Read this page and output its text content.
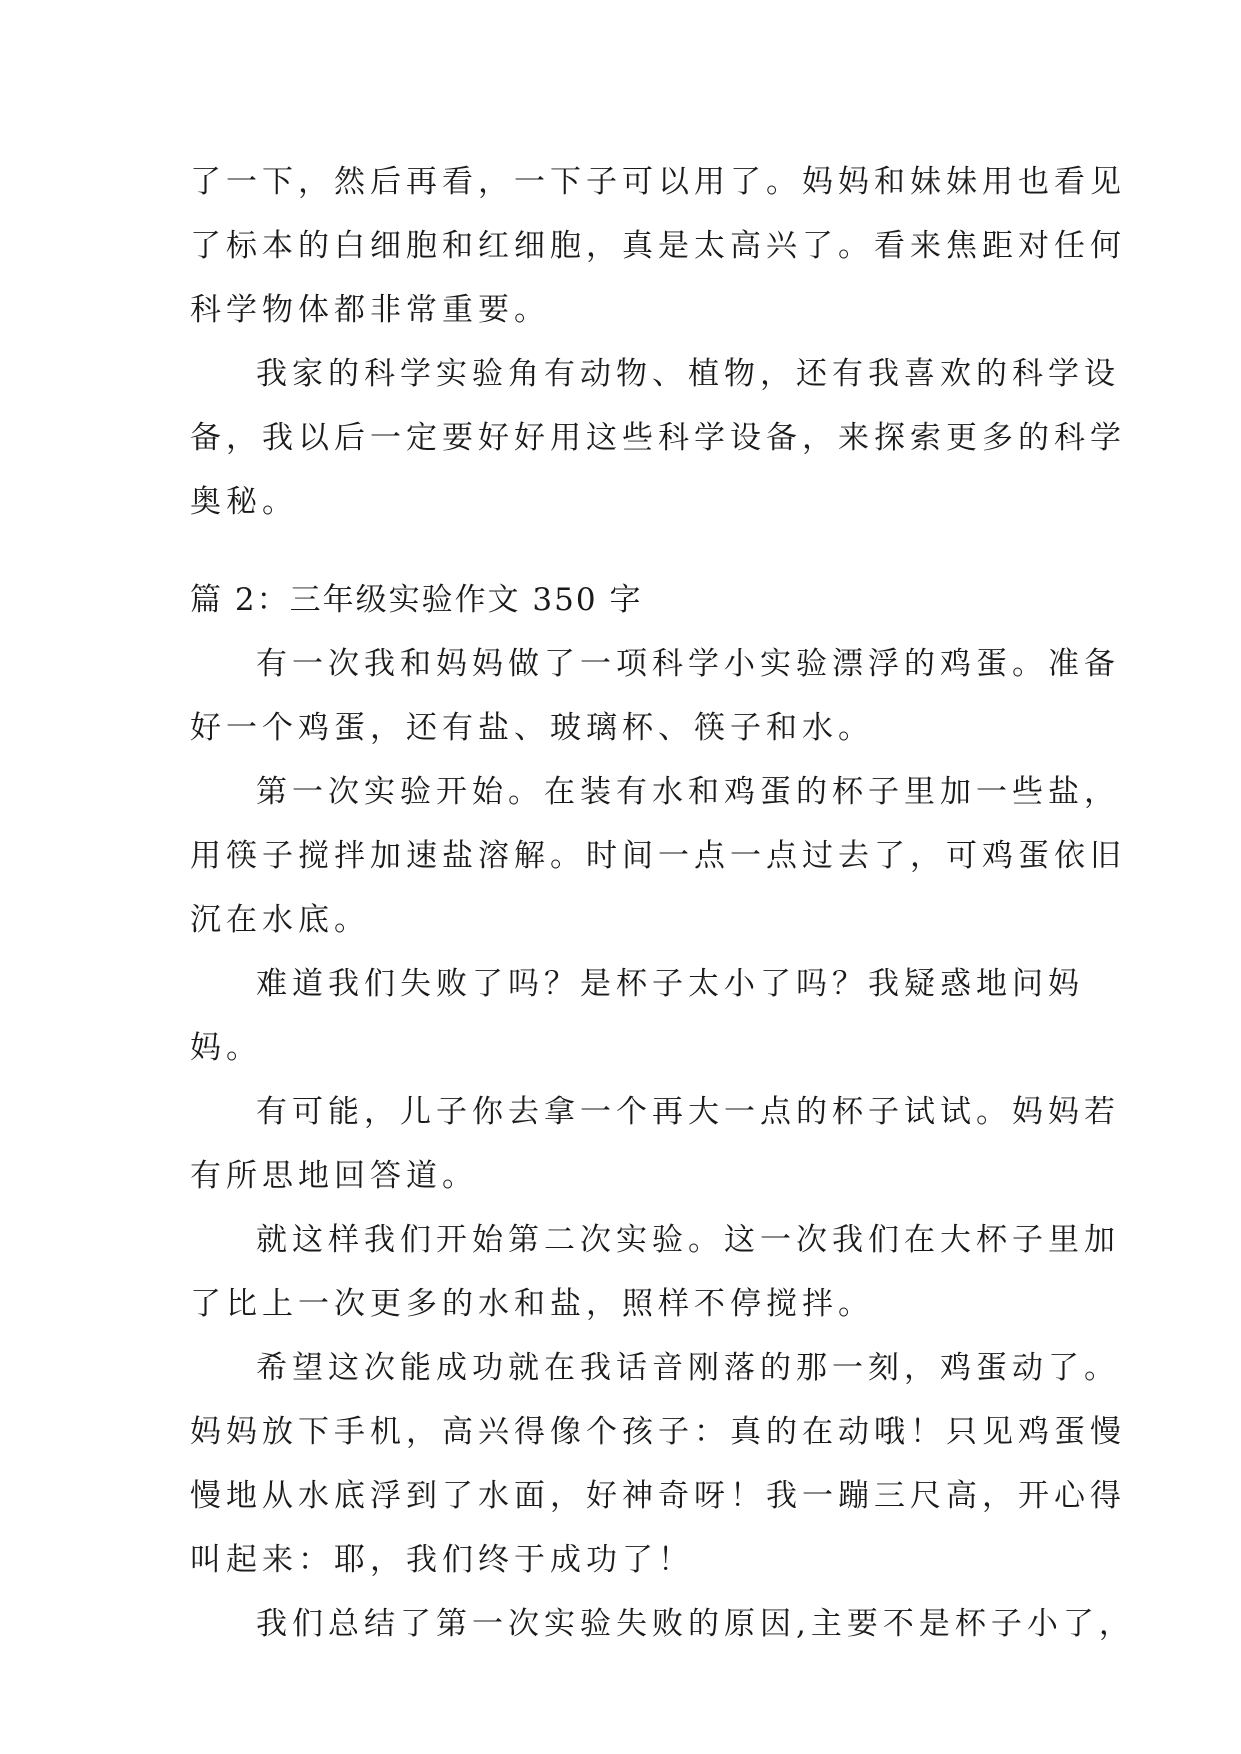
了一下，然后再看，一下子可以用了。妈妈和妹妹用也看见
了标本的白细胞和红细胞，真是太高兴了。看来焦距对任何
科学物体都非常重要。
我家的科学实验角有动物、植物，还有我喜欢的科学设
备，我以后一定要好好用这些科学设备，来探索更多的科学
奥秘。
篇 2：三年级实验作文 350 字
有一次我和妈妈做了一项科学小实验漂浮的鸡蛋。准备
好一个鸡蛋，还有盐、玻璃杯、筷子和水。
第一次实验开始。在装有水和鸡蛋的杯子里加一些盐，
用筷子搅拌加速盐溶解。时间一点一点过去了，可鸡蛋依旧
沉在水底。
难道我们失败了吗？是杯子太小了吗？我疑惑地问妈
妈。
有可能，儿子你去拿一个再大一点的杯子试试。妈妈若
有所思地回答道。
就这样我们开始第二次实验。这一次我们在大杯子里加
了比上一次更多的水和盐，照样不停搅拌。
希望这次能成功就在我话音刚落的那一刻，鸡蛋动了。
妈妈放下手机，高兴得像个孩子：真的在动哦！只见鸡蛋慢
慢地从水底浮到了水面，好神奇呀！我一蹦三尺高，开心得
叫起来：耶，我们终于成功了！
我们总结了第一次实验失败的原因,主要不是杯子小了，
